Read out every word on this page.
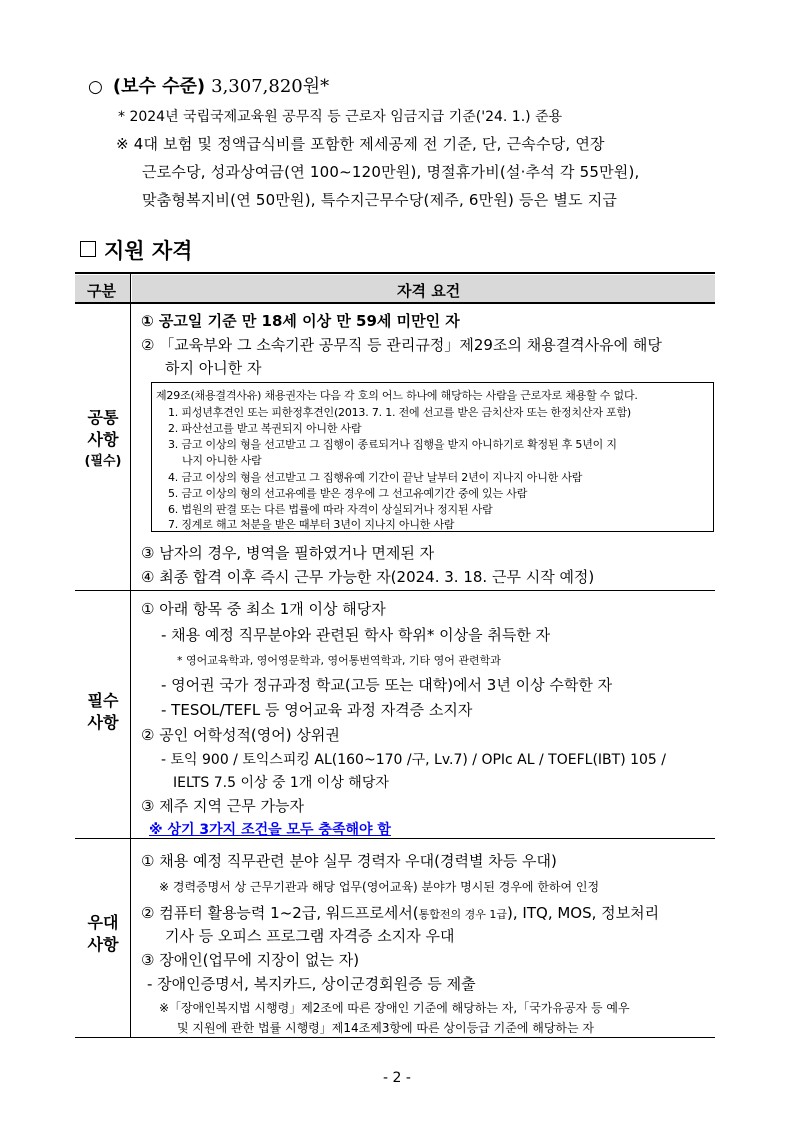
○ (보수 수준) 3,307,820원*
* 2024년 국립국제교육원 공무직 등 근로자 임금지급 기준('24. 1.) 준용
※ 4대 보험 및 정액급식비를 포함한 제세공제 전 기준, 단, 근속수당, 연장
근로수당, 성과상여금(연 100∼120만원), 명절휴가비(설·추석 각 55만원),
맞춤형복지비(연 50만원), 특수지근무수당(제주, 6만원) 등은 별도 지급
지원 자격
구분	자격 요건
공통
사항
(필수)
① 공고일 기준 만 18세 이상 만 59세 미만인 자
② 「교육부와 그 소속기관 공무직 등 관리규정」제29조의 채용결격사유에 해당
하지 아니한 자
제29조(채용결격사유) 채용권자는 다음 각 호의 어느 하나에 해당하는 사람을 근로자로 채용할 수 없다.
1. 피성년후견인 또는 피한정후견인(2013. 7. 1. 전에 선고를 받은 금치산자 또는 한정치산자 포함)
2. 파산선고를 받고 복권되지 아니한 사람
3. 금고 이상의 형을 선고받고 그 집행이 종료되거나 집행을 받지 아니하기로 확정된 후 5년이 지
나지 아니한 사람
4. 금고 이상의 형을 선고받고 그 집행유예 기간이 끝난 날부터 2년이 지나지 아니한 사람
5. 금고 이상의 형의 선고유예를 받은 경우에 그 선고유예기간 중에 있는 사람
6. 법원의 판결 또는 다른 법률에 따라 자격이 상실되거나 정지된 사람
7. 징계로 해고 처분을 받은 때부터 3년이 지나지 아니한 사람
③ 남자의 경우, 병역을 필하였거나 면제된 자
④ 최종 합격 이후 즉시 근무 가능한 자(2024. 3. 18. 근무 시작 예정)
필수
사항
① 아래 항목 중 최소 1개 이상 해당자
- 채용 예정 직무분야와 관련된 학사 학위* 이상을 취득한 자
* 영어교육학과, 영어영문학과, 영어통번역학과, 기타 영어 관련학과
- 영어권 국가 정규과정 학교(고등 또는 대학)에서 3년 이상 수학한 자
- TESOL/TEFL 등 영어교육 과정 자격증 소지자
② 공인 어학성적(영어) 상위권
- 토익 900 / 토익스피킹 AL(160~170 /구, Lv.7) / OPIc AL / TOEFL(IBT) 105 /
IELTS 7.5 이상 중 1개 이상 해당자
③ 제주 지역 근무 가능자
※ 상기 3가지 조건을 모두 충족해야 함
우대
사항
① 채용 예정 직무관련 분야 실무 경력자 우대(경력별 차등 우대)
※ 경력증명서 상 근무기관과 해당 업무(영어교육) 분야가 명시된 경우에 한하여 인정
② 컴퓨터 활용능력 1~2급, 워드프로세서(통합전의 경우 1급), ITQ, MOS, 정보처리
기사 등 오피스 프로그램 자격증 소지자 우대
③ 장애인(업무에 지장이 없는 자)
- 장애인증명서, 복지카드, 상이군경회원증 등 제출
※「장애인복지법 시행령」제2조에 따른 장애인 기준에 해당하는 자,「국가유공자 등 예우
및 지원에 관한 법률 시행령」제14조제3항에 따른 상이등급 기준에 해당하는 자
- 2 -
